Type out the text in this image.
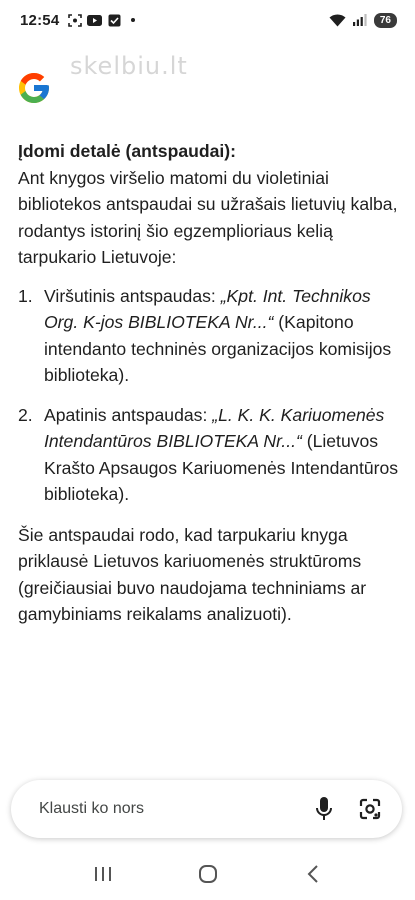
12:54	76
skelbiu.lt
Įdomi detalė (antspaudai):
Ant knygos viršelio matomi du violetiniai bibliotekos antspaudai su užrašais lietuvių kalba, rodantys istorinį šio egzemplioriaus kelią tarpukario Lietuvoje:
1. Viršutinis antspaudas: „Kpt. Int. Technikos Org. K-jos BIBLIOTEKA Nr...“ (Kapitono intendanto techninės organizacijos komisijos biblioteka).
2. Apatinis antspaudas: „L. K. K. Kariuomenės Intendantūros BIBLIOTEKA Nr...“ (Lietuvos Krašto Apsaugos Kariuomenės Intendantūros biblioteka).
Šie antspaudai rodo, kad tarpukariu knyga priklausė Lietuvos kariuomenės struktūroms (greičiausiai buvo naudojama techniniams ar gamybiniams reikalams analizuoti).
Klausti ko nors
